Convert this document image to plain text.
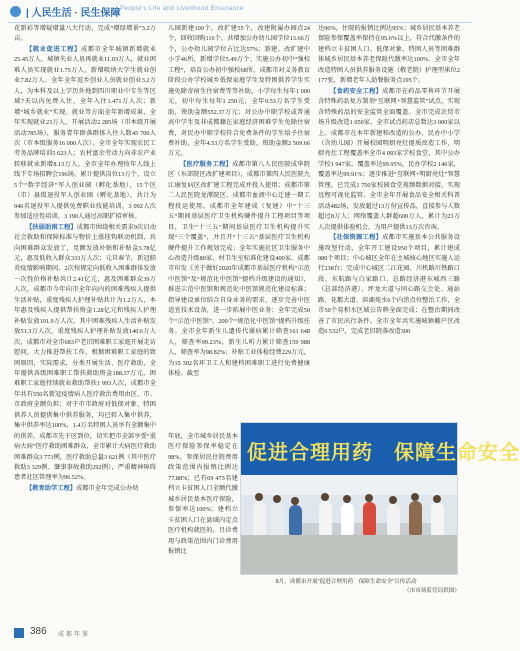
| 人民生活 · 民生保障 People's Life and Livelihood Ensurance

花新彩等增疑增量八大行动，完成“增绿增景”3.2万亩。

【就业促进工程】成都市全年城镇新增就业25.45万人，城镇失业人员再就业11.03万人，就业困难人员实现就业1.75万人，新增吸纳大学生就业创业7.82万人。全年全年返乡创业人员就业创业3.2万人，为本科及以上学历外地到四川职业中专生等区域7天以内免费入住，全年入住1.471万人次；新增“城乡就业”实现、就业等方面全年新增成果，全年实现就业23万人，开展活动2 285场（市本级开展活动785场），服务青年群落群体入住人数45 700人次（市本级服务16 000人次）。全市全年实现农民工劳务品牌培训5 623人；农村富余劳动力向非农产业转移就业新增8.13万人。全市全年办理按年人线上线下专场招聘会196场，累计提供岗位13万个，设立5个“数字经济”军人创业园（孵化基地），15个区（市）县级退役军人创业园（孵化基地），共计为946名退役军人提供免费职业技能培训，3 092人次参加适应性培训，3 190人通过高职扩招审核。

【扶弱助困工程】成都市围绕相关需求9次启动社会救助和保障标准与物价上涨挂钩联动机制，共向困难群众发放了，足额发放补贴和补贴金3.78亿元，惠及低收入群众333万人次；元旦春节，新冠肺炎疫情影响期间，2次按规定向低收入困难群体发放一次性价格补贴共计2.41亿元，惠及困难群众39万人次，成都市今年向市全年向内的困难残疾人提供生活补贴，重度残疾人护理补贴共计为1.2万人，本年惠及残疾人提供帮扶资金1.28亿元和残疾人护理补贴发放191.9万人次，其中困难残疾人生活补贴发放51.3万人次，重度残疾人护理补贴发放140.6万人次，成都市对全市683户老旧困难职工家庭开展走访慰问，大力推进帮扶工作，根据困难职工家庭的致困原因，实际需求，分类开展生活、医疗救助，全年提供各级困难职工帮扶救助资金188.37万元，困难职工家庭持续就业救助帮扶1 993人次，成都市全年共有550名新冠疫情病人医疗救治费用由区、市、市政府全额负担；对于市市政府对低保对象、特困供养人员提供集中供养服务，均已转入集中供养，集中供养率达100%，1.4万名特困人员享有全额集中的供养，成都市先于区到位，切实把市全部享受“重病大病”医疗救助困难群众，全市累计大病医疗救助困难群众3 773例，医疗救助总量3 621例（其中医疗救助3 329例、肇事事故救助292例），严重精神障碍患者社区管理率为96.52%。

【教育助学工程】成都市全年完成公办幼

儿园新建100个，改扩建55个，改建附属办园点24个，回收回购116个，共增加公办幼儿园学位13.66万个，公办幼儿园学位占比达57%；新建、改扩建中小学46所，新增学位5.49万个；实施公办初中“强校工程”，培育公办初中强校68所。成都市对义务教育阶段公办学校城乡低保家庭学生及特困供养学生实施免除寄宿生住宿费等等补助，小学每生每年1 000元，初中每生每年1 250元，全年0.53万名学生受助，资助金额552.37万元；对公办中职学校或普通高中学生及非成都籍在家庭经济困难学生免除住宿费，对民办中职学校符合免费条件的学生给予住宿费补助，全年4.53万名学生受助，资助金额2 569.66万元。

【医疗服务工程】成都市第八人民医院成华院区（东郊院区改扩建项目），成都市第四人民医院九江康复病区改扩建工程完成并投入使用；成都市第二人民医院龙潭院区、成都市血液中心迁建一期工程投运使用。成都市全年建成（复建）中“十三五”期间基层医疗卫生机构硬件提升工程项目等项目，卫生“十三五”期间基层医疗卫生机构提升实现“三个覆盖”，并且开“十三五”基层医疗卫生机构硬件提升工作规划完成；全年实施社区卫生服务中心改造升级80家，村卫生室标准化建设400家。成都市印发《关于做好2020年成都市基层医疗机构“示范中医馆”及“规范化中医馆”提档升级建设的通知》，推进示范中医馆和规范化中医馆规范化建设标准；指导建设单位结合自身业务的需求，逐步完善中医适宜技术设备，进一步拓展中医业务；全年完成50个“示范中医馆”，200个“规范化中医馆”提档升级任务。全市全年新生儿遗传代谢病累计筛查161 648人，筛查率99.23%，新生儿听力累计筛查159 988人，筛查率为98.82%；补贴工业体检经费229万元，为15 302名环卫工人和建档困难职工进行免费健康体检。截至

年底，全市城乡居民基本医疗保险参保率稳定在98%，参保居民住院费用政策范围内报销比例达77.88%；已有69 473名建档立卡贫困人口全额代缴城乡居民基本医疗保险，参保率达100%；建档立卡贫困人口在县域内定点医疗机构就医的，且诊费用与政策范围内门诊费用报销比

达90%，住院的报销比例达95%；城乡居民基本养老保险参保覆盖率保持在95.6%以上，符合代缴条件的建档立卡贫困人口、低保对象、特困人员等困难群体城乡居民基本养老保险代缴率达100%。全市全年改造特困人员供养服务设施（敬老院）护理型床位2 177张，新增老年人助餐服务点195个。

【食药安全工程】成都市在药品零售环节开展含特殊药品复方制剂“互联网+智慧监管”试点，实现含特殊药品的安全监管全面覆盖。全市完成农贸市场升级改造1 050家，全市试点药店总数达3 000家以上。成都市在本年新建和改造的公办、民办中小学（含幼儿园）开展校园明厨亮灶提质改造工作，明厨亮灶工程覆盖率全市4 093家学校食堂，其中公办学校1 947家，覆盖率达99.95%，民办学校2 146家，覆盖率达99.91%；逐步推进“互联网+明厨亮灶”智慧管理，已完成1 750家校园食堂视频数据对接，实现远程可视化监管。全市全年开展食品安全相关科普活动482场，发放超过13万份宣传品，直接参与人数超过8万人；网络覆盖人群超600万人，累计为23万人次提供体验机会，为用户提供13万次咨询。

【社保资源工程】成都市实施基本公共服务设施攻坚行动，全年开工建设950个项目，累计建成980个项目；中心城区全年在主城核心地区实施人运行238台；完成中心城区二江花园、川机路川铁路口段、东航路与白家路口、总路经济港东城西三路（总部经济港）、坪龙大道与同心路交会处、通站路、花都大道、滨湖苑水6个内涝点位整治工作，全市50个易积水区域公告牌全面完成；在整治期间改善了市民出行条件。全市全年共实施城镇棚户区改造6 532户，完成老旧院落改造300

促进合理用药　保障生命安全
9月，成都市开展“促进合理用药　保障生命安全”宣传活动
（市市场监管局供图）
386 成都年鉴
